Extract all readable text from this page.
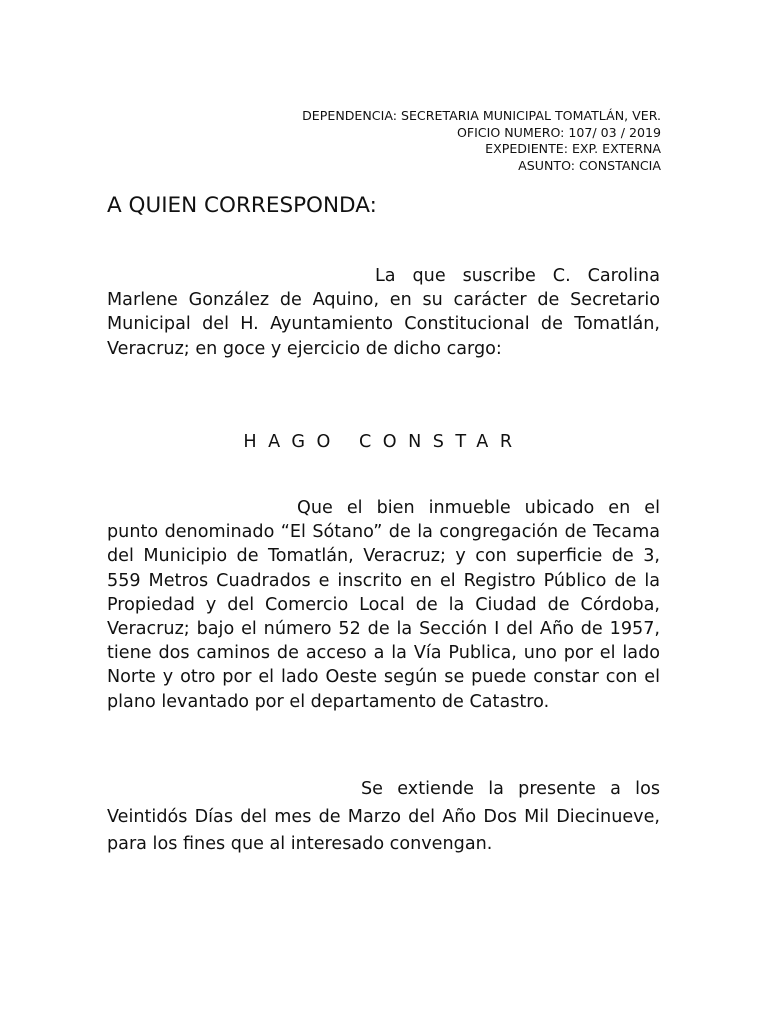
DEPENDENCIA: SECRETARIA MUNICIPAL TOMATLÁN, VER.
OFICIO NUMERO: 107/ 03 / 2019
EXPEDIENTE: EXP. EXTERNA
ASUNTO: CONSTANCIA
A QUIEN CORRESPONDA:
La que suscribe C. Carolina Marlene González de Aquino, en su carácter de Secretario Municipal del H. Ayuntamiento Constitucional de Tomatlán, Veracruz; en goce y ejercicio de dicho cargo:
HAGO CONSTAR
Que el bien inmueble ubicado en el punto denominado “El Sótano” de la congregación de Tecama del Municipio de Tomatlán, Veracruz; y con superficie de 3, 559 Metros Cuadrados e inscrito en el Registro Público de la Propiedad y del Comercio Local de la Ciudad de Córdoba, Veracruz; bajo el número 52 de la Sección I del Año de 1957, tiene dos caminos de acceso a la Vía Publica, uno por el lado Norte y otro por el lado Oeste según se puede constar con el plano levantado por el departamento de Catastro.
Se extiende la presente a los Veintidós Días del mes de Marzo del Año Dos Mil Diecinueve, para los fines que al interesado convengan.
